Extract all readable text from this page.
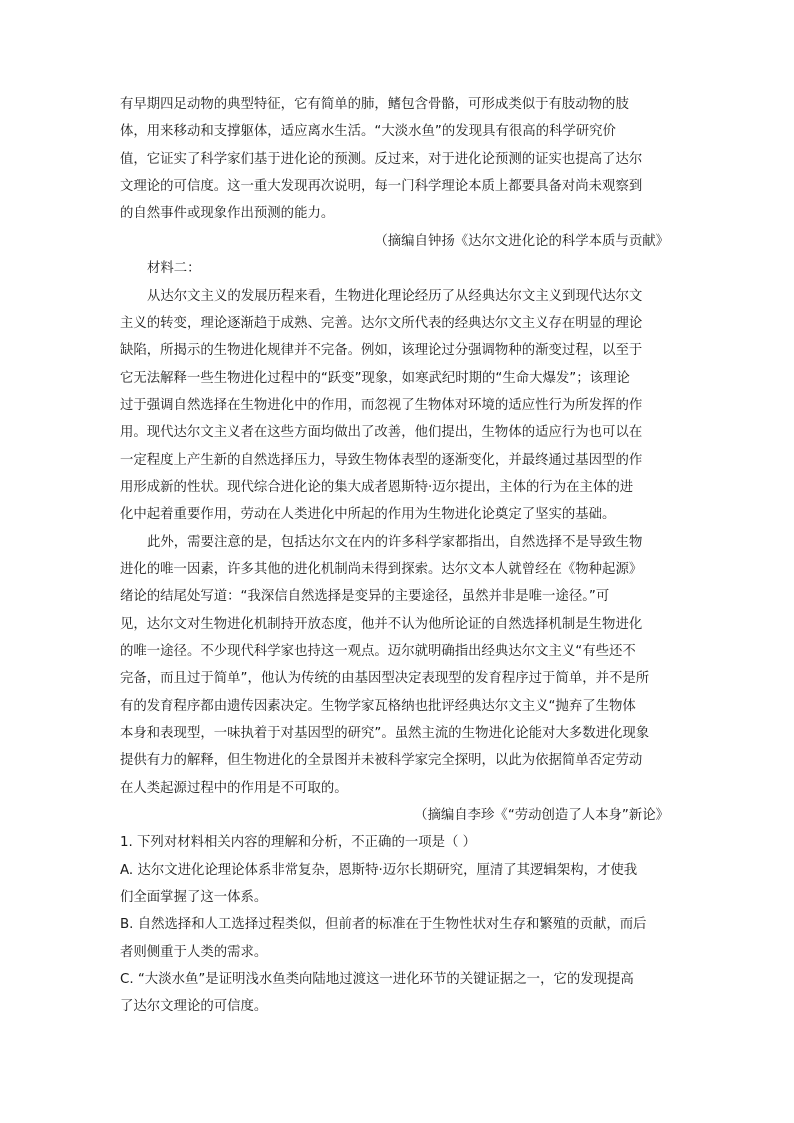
有早期四足动物的典型特征，它有简单的肺，鳍包含骨骼，可形成类似于有肢动物的肢
体，用来移动和支撑躯体，适应离水生活。“大淡水鱼”的发现具有很高的科学研究价
值，它证实了科学家们基于进化论的预测。反过来，对于进化论预测的证实也提高了达尔
文理论的可信度。这一重大发现再次说明，每一门科学理论本质上都要具备对尚未观察到
的自然事件或现象作出预测的能力。
（摘编自钟扬《达尔文进化论的科学本质与贡献》
材料二：
从达尔文主义的发展历程来看，生物进化理论经历了从经典达尔文主义到现代达尔文
主义的转变，理论逐渐趋于成熟、完善。达尔文所代表的经典达尔文主义存在明显的理论
缺陷，所揭示的生物进化规律并不完备。例如，该理论过分强调物种的渐变过程，以至于
它无法解释一些生物进化过程中的“跃变”现象，如寒武纪时期的“生命大爆发”；该理论
过于强调自然选择在生物进化中的作用，而忽视了生物体对环境的适应性行为所发挥的作
用。现代达尔文主义者在这些方面均做出了改善，他们提出，生物体的适应行为也可以在
一定程度上产生新的自然选择压力，导致生物体表型的逐渐变化，并最终通过基因型的作
用形成新的性状。现代综合进化论的集大成者恩斯特·迈尔提出，主体的行为在主体的进
化中起着重要作用，劳动在人类进化中所起的作用为生物进化论奠定了坚实的基础。
此外，需要注意的是，包括达尔文在内的许多科学家都指出，自然选择不是导致生物
进化的唯一因素，许多其他的进化机制尚未得到探索。达尔文本人就曾经在《物种起源》
绪论的结尾处写道：“我深信自然选择是变异的主要途径，虽然并非是唯一途径。”可
见，达尔文对生物进化机制持开放态度，他并不认为他所论证的自然选择机制是生物进化
的唯一途径。不少现代科学家也持这一观点。迈尔就明确指出经典达尔文主义“有些还不
完备，而且过于简单”，他认为传统的由基因型决定表现型的发育程序过于简单，并不是所
有的发育程序都由遗传因素决定。生物学家瓦格纳也批评经典达尔文主义“抛弃了生物体
本身和表现型，一味执着于对基因型的研究”。虽然主流的生物进化论能对大多数进化现象
提供有力的解释，但生物进化的全景图并未被科学家完全探明，以此为依据简单否定劳动
在人类起源过程中的作用是不可取的。
（摘编自李珍《“劳动创造了人本身”新论》
1. 下列对材料相关内容的理解和分析，不正确的一项是（ ）
A. 达尔文进化论理论体系非常复杂，恩斯特·迈尔长期研究，厘清了其逻辑架构，才使我
们全面掌握了这一体系。
B. 自然选择和人工选择过程类似，但前者的标准在于生物性状对生存和繁殖的贡献，而后
者则侧重于人类的需求。
C. “大淡水鱼”是证明浅水鱼类向陆地过渡这一进化环节的关键证据之一，它的发现提高
了达尔文理论的可信度。
